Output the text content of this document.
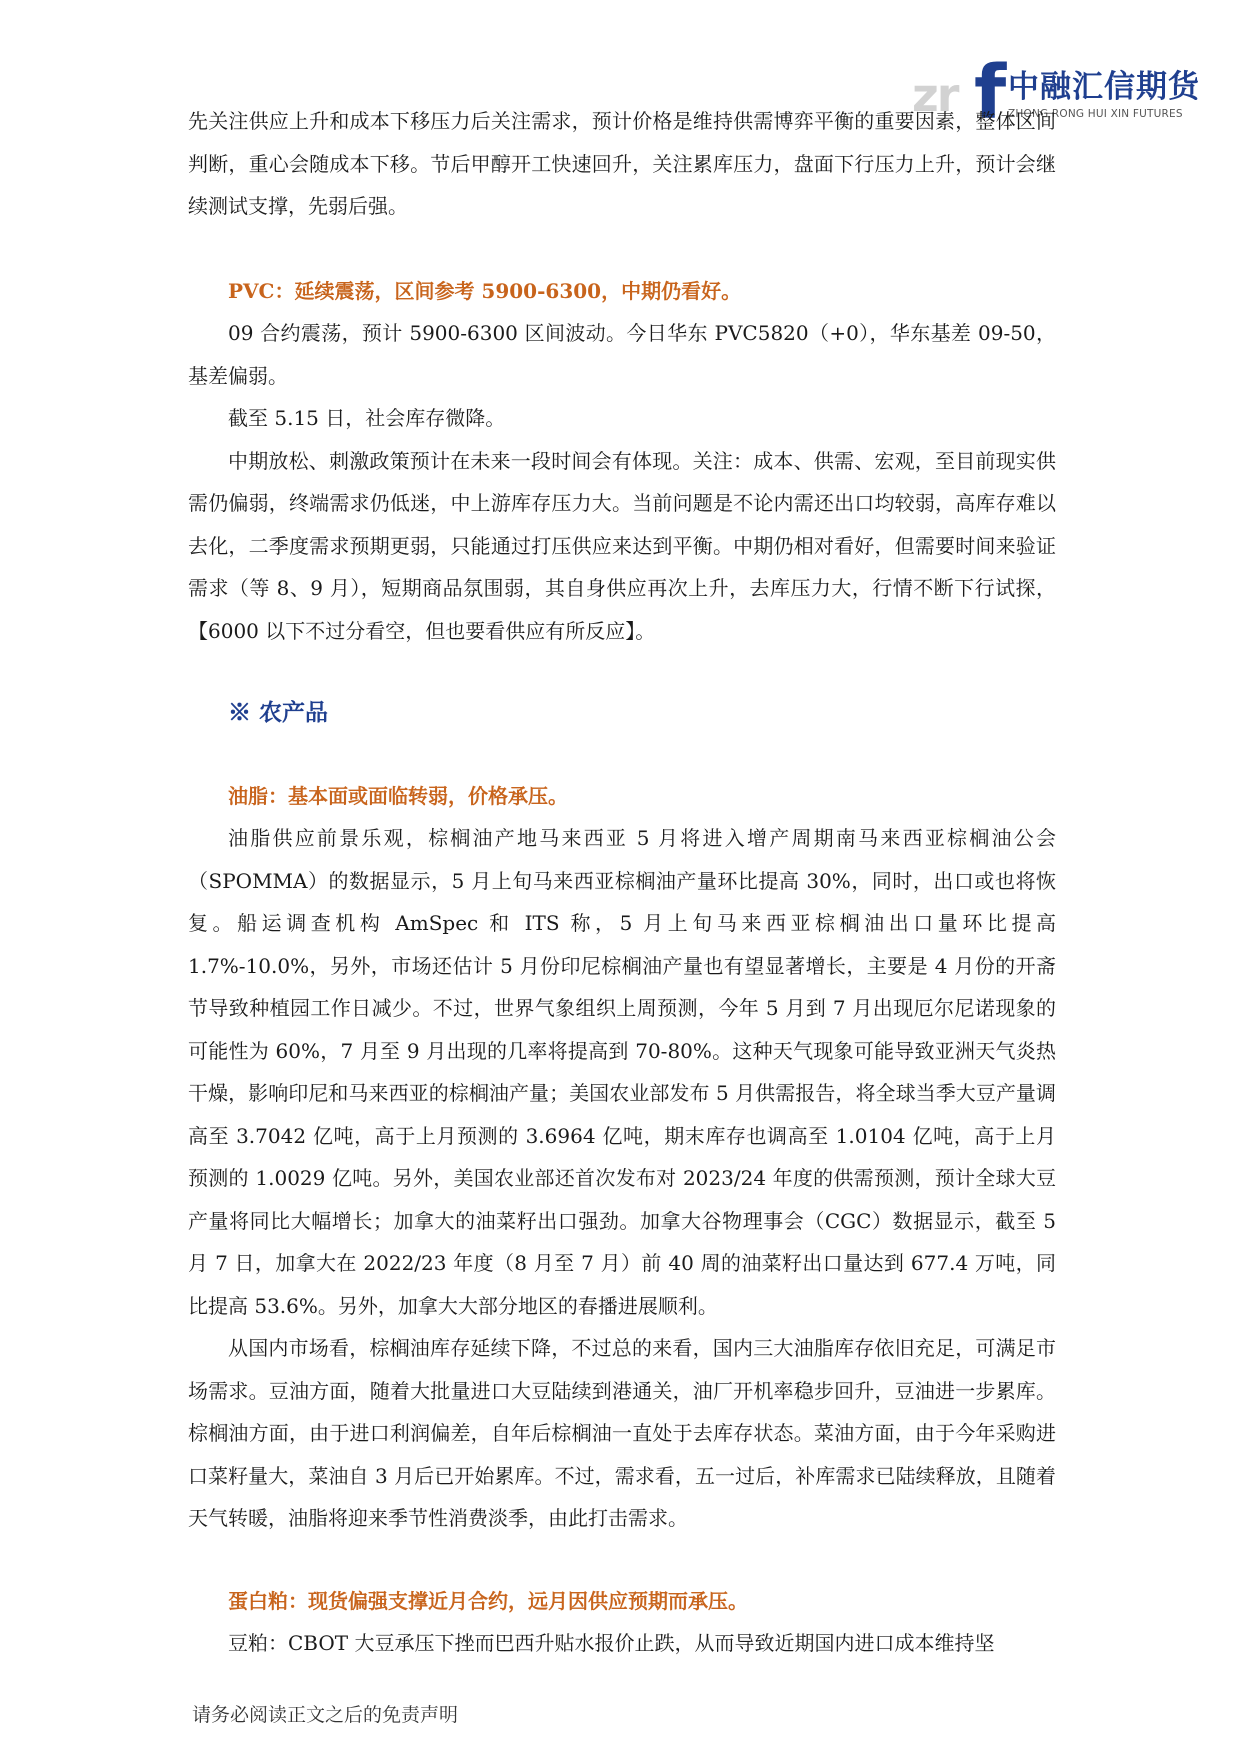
zr f 中融汇信期货
ZHONG RONG HUI XIN FUTURES

先关注供应上升和成本下移压力后关注需求，预计价格是维持供需博弈平衡的重要因素，整体区间判断，重心会随成本下移。节后甲醇开工快速回升，关注累库压力，盘面下行压力上升，预计会继续测试支撑，先弱后强。

PVC：延续震荡，区间参考 5900-6300，中期仍看好。

09 合约震荡，预计 5900-6300 区间波动。今日华东 PVC5820（+0），华东基差 09-50，基差偏弱。

截至 5.15 日，社会库存微降。

中期放松、刺激政策预计在未来一段时间会有体现。关注：成本、供需、宏观，至目前现实供需仍偏弱，终端需求仍低迷，中上游库存压力大。当前问题是不论内需还出口均较弱，高库存难以去化，二季度需求预期更弱，只能通过打压供应来达到平衡。中期仍相对看好，但需要时间来验证需求（等 8、9 月），短期商品氛围弱，其自身供应再次上升，去库压力大，行情不断下行试探，【6000 以下不过分看空，但也要看供应有所反应】。

※ 农产品
油脂：基本面或面临转弱，价格承压。

油脂供应前景乐观，棕榈油产地马来西亚 5 月将进入增产周期南马来西亚棕榈油公会（SPOMMA）的数据显示，5 月上旬马来西亚棕榈油产量环比提高 30%，同时，出口或也将恢复。船运调查机构 AmSpec 和 ITS 称，5 月上旬马来西亚棕榈油出口量环比提高 1.7%-10.0%，另外，市场还估计 5 月份印尼棕榈油产量也有望显著增长，主要是 4 月份的开斋节导致种植园工作日减少。不过，世界气象组织上周预测，今年 5 月到 7 月出现厄尔尼诺现象的可能性为 60%，7 月至 9 月出现的几率将提高到 70-80%。这种天气现象可能导致亚洲天气炎热干燥，影响印尼和马来西亚的棕榈油产量；美国农业部发布 5 月供需报告，将全球当季大豆产量调高至 3.7042 亿吨，高于上月预测的 3.6964 亿吨，期末库存也调高至 1.0104 亿吨，高于上月预测的 1.0029 亿吨。另外，美国农业部还首次发布对 2023/24 年度的供需预测，预计全球大豆产量将同比大幅增长；加拿大的油菜籽出口强劲。加拿大谷物理事会（CGC）数据显示，截至 5 月 7 日，加拿大在 2022/23 年度（8 月至 7 月）前 40 周的油菜籽出口量达到 677.4 万吨，同比提高 53.6%。另外，加拿大大部分地区的春播进展顺利。

从国内市场看，棕榈油库存延续下降，不过总的来看，国内三大油脂库存依旧充足，可满足市场需求。豆油方面，随着大批量进口大豆陆续到港通关，油厂开机率稳步回升，豆油进一步累库。棕榈油方面，由于进口利润偏差，自年后棕榈油一直处于去库存状态。菜油方面，由于今年采购进口菜籽量大，菜油自 3 月后已开始累库。不过，需求看，五一过后，补库需求已陆续释放，且随着天气转暖，油脂将迎来季节性消费淡季，由此打击需求。

蛋白粕：现货偏强支撑近月合约，远月因供应预期而承压。

豆粕：CBOT 大豆承压下挫而巴西升贴水报价止跌，从而导致近期国内进口成本维持坚

请务必阅读正文之后的免责声明
